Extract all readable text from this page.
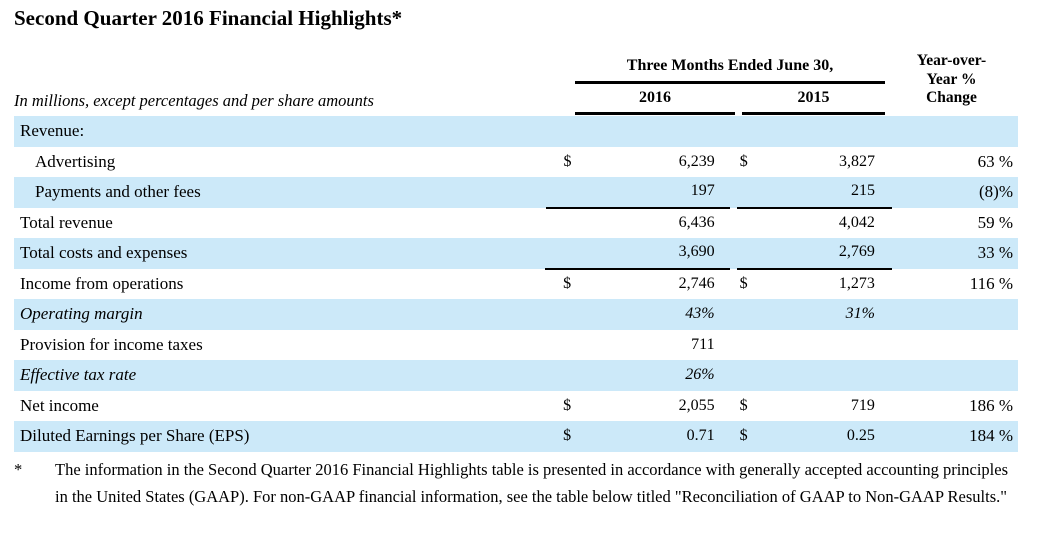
Second Quarter 2016 Financial Highlights*
In millions, except percentages and per share amounts
Three Months Ended June 30,
2016	2015
Year-over-
Year %
Change
Revenue:
Advertising	$	6,239 $	3,827	63 %
Payments and other fees	197	215	(8)%
Total revenue	6,436	4,042	59 %
Total costs and expenses	3,690	2,769	33 %
Income from operations	$	2,746 $	1,273	116 %
Operating margin	43%	31%
Provision for income taxes	711
Effective tax rate	26%
Net income	$	2,055 $	719	186 %
Diluted Earnings per Share (EPS)	$	0.71 $	0.25	184 %
*	The information in the Second Quarter 2016 Financial Highlights table is presented in accordance with generally accepted accounting principles in the United States (GAAP). For non-GAAP financial information, see the table below titled "Reconciliation of GAAP to Non-GAAP Results."
